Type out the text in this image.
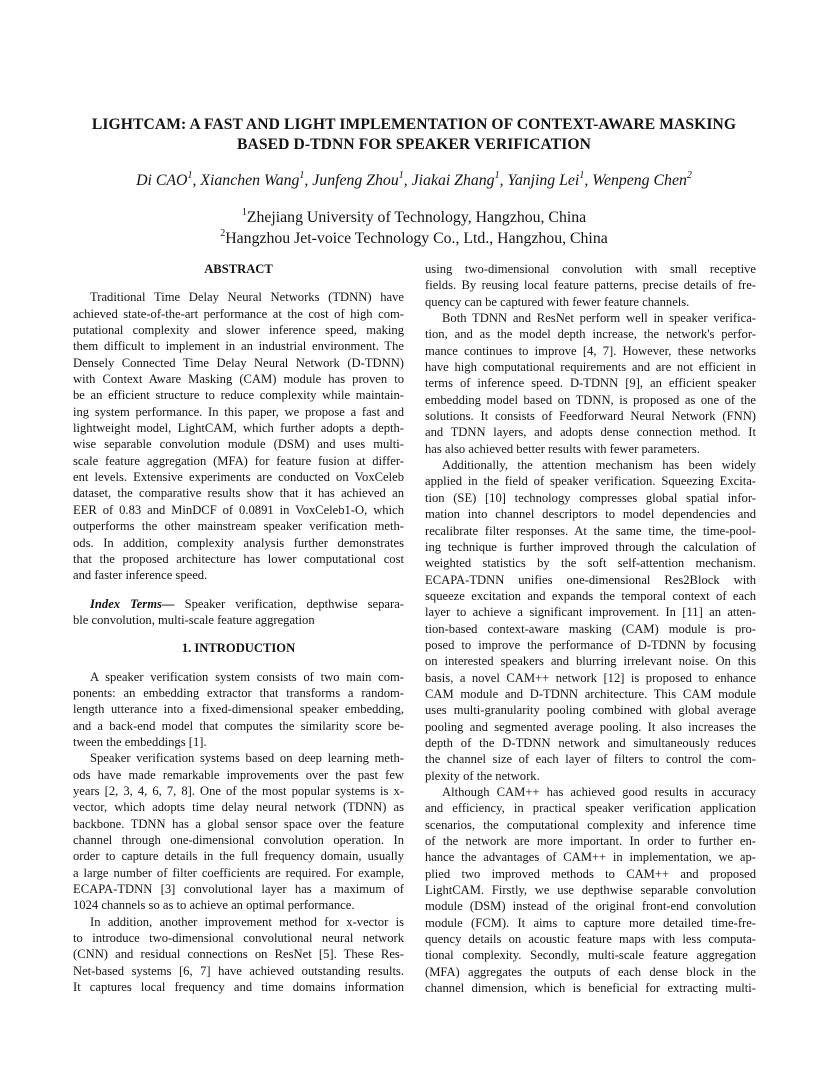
LIGHTCAM: A FAST AND LIGHT IMPLEMENTATION OF CONTEXT-AWARE MASKING
BASED D-TDNN FOR SPEAKER VERIFICATION
Di CAO$^1$, Xianchen Wang$^1$, Junfeng Zhou$^1$, Jiakai Zhang$^1$, Yanjing Lei$^1$, Wenpeng Chen$^2$
$^1$Zhejiang University of Technology, Hangzhou, China
$^2$Hangzhou Jet-voice Technology Co., Ltd., Hangzhou, China
ABSTRACT
Traditional Time Delay Neural Networks (TDNN) have
achieved state-of-the-art performance at the cost of high com-
putational complexity and slower inference speed, making
them difficult to implement in an industrial environment. The
Densely Connected Time Delay Neural Network (D-TDNN)
with Context Aware Masking (CAM) module has proven to
be an efficient structure to reduce complexity while maintain-
ing system performance. In this paper, we propose a fast and
lightweight model, LightCAM, which further adopts a depth-
wise separable convolution module (DSM) and uses multi-
scale feature aggregation (MFA) for feature fusion at differ-
ent levels. Extensive experiments are conducted on VoxCeleb
dataset, the comparative results show that it has achieved an
EER of 0.83 and MinDCF of 0.0891 in VoxCeleb1-O, which
outperforms the other mainstream speaker verification meth-
ods. In addition, complexity analysis further demonstrates
that the proposed architecture has lower computational cost
and faster inference speed.
Index Terms— Speaker verification, depthwise separa-
ble convolution, multi-scale feature aggregation
1. INTRODUCTION
A speaker verification system consists of two main com-
ponents: an embedding extractor that transforms a random-
length utterance into a fixed-dimensional speaker embedding,
and a back-end model that computes the similarity score be-
tween the embeddings [1].
Speaker verification systems based on deep learning meth-
ods have made remarkable improvements over the past few
years [2, 3, 4, 6, 7, 8]. One of the most popular systems is x-
vector, which adopts time delay neural network (TDNN) as
backbone. TDNN has a global sensor space over the feature
channel through one-dimensional convolution operation. In
order to capture details in the full frequency domain, usually
a large number of filter coefficients are required. For example,
ECAPA-TDNN [3] convolutional layer has a maximum of
1024 channels so as to achieve an optimal performance.
In addition, another improvement method for x-vector is
to introduce two-dimensional convolutional neural network
(CNN) and residual connections on ResNet [5]. These Res-
Net-based systems [6, 7] have achieved outstanding results.
It captures local frequency and time domains information
using two-dimensional convolution with small receptive
fields. By reusing local feature patterns, precise details of fre-
quency can be captured with fewer feature channels.
Both TDNN and ResNet perform well in speaker verifica-
tion, and as the model depth increase, the network's perfor-
mance continues to improve [4, 7]. However, these networks
have high computational requirements and are not efficient in
terms of inference speed. D-TDNN [9], an efficient speaker
embedding model based on TDNN, is proposed as one of the
solutions. It consists of Feedforward Neural Network (FNN)
and TDNN layers, and adopts dense connection method. It
has also achieved better results with fewer parameters.
Additionally, the attention mechanism has been widely
applied in the field of speaker verification. Squeezing Excita-
tion (SE) [10] technology compresses global spatial infor-
mation into channel descriptors to model dependencies and
recalibrate filter responses. At the same time, the time-pool-
ing technique is further improved through the calculation of
weighted statistics by the soft self-attention mechanism.
ECAPA-TDNN unifies one-dimensional Res2Block with
squeeze excitation and expands the temporal context of each
layer to achieve a significant improvement. In [11] an atten-
tion-based context-aware masking (CAM) module is pro-
posed to improve the performance of D-TDNN by focusing
on interested speakers and blurring irrelevant noise. On this
basis, a novel CAM++ network [12] is proposed to enhance
CAM module and D-TDNN architecture. This CAM module
uses multi-granularity pooling combined with global average
pooling and segmented average pooling. It also increases the
depth of the D-TDNN network and simultaneously reduces
the channel size of each layer of filters to control the com-
plexity of the network.
Although CAM++ has achieved good results in accuracy
and efficiency, in practical speaker verification application
scenarios, the computational complexity and inference time
of the network are more important. In order to further en-
hance the advantages of CAM++ in implementation, we ap-
plied two improved methods to CAM++ and proposed
LightCAM. Firstly, we use depthwise separable convolution
module (DSM) instead of the original front-end convolution
module (FCM). It aims to capture more detailed time-fre-
quency details on acoustic feature maps with less computa-
tional complexity. Secondly, multi-scale feature aggregation
(MFA) aggregates the outputs of each dense block in the
channel dimension, which is beneficial for extracting multi-
